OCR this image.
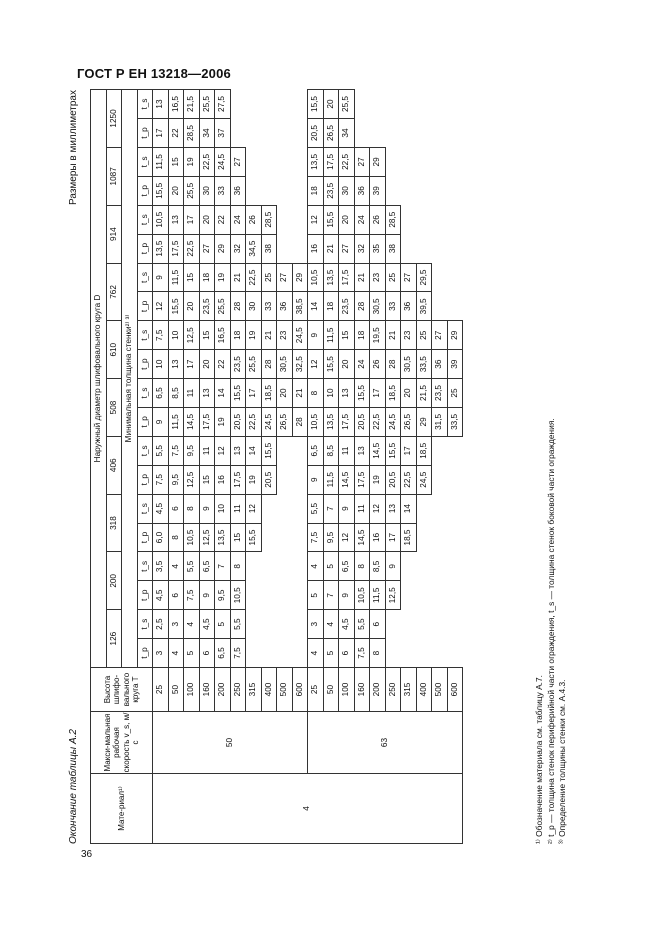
ГОСТ Р ЕН 13218—2006
Окончание таблицы А.2
Размеры в миллиметрах
Мате-риал¹⁾	Макси-мальная рабочая скорость v_s, м/с	Высота шлифо-вального круга T	Наружный диаметр шлифовального круга D																			
			126		200		318		406		508		610		762		914		1087		1250	
			Минимальная толщина стенки²⁾ ³⁾																			
			t_p	t_s	t_p	t_s	t_p	t_s	t_p	t_s	t_p	t_s	t_p	t_s	t_p	t_s	t_p	t_s	t_p	t_s	t_p	t_s
4	50	25	3	2,5	4,5	3,5	6,0	4,5	7,5	5,5	9	6,5	10	7,5	12	9	13,5	10,5	15,5	11,5	17	13
		50	4	3	6	4	8	6	9,5	7,5	11,5	8,5	13	10	15,5	11,5	17,5	13	20	15	22	16,5
		100	5	4	7,5	5,5	10,5	8	12,5	9,5	14,5	11	17	12,5	20	15	22,5	17	25,5	19	28,5	21,5
		160	6	4,5	9	6,5	12,5	9	15	11	17,5	13	20	15	23,5	18	27	20	30	22,5	34	25,5
		200	6,5	5	9,5	7	13,5	10	16	12	19	14	22	16,5	25,5	19	29	22	33	24,5	37	27,5
		250	7,5	5,5	10,5	8	15	11	17,5	13	20,5	15,5	23,5	18	28	21	32	24	36	27		
		315					15,5	12	19	14	22,5	17	25,5	19	30	22,5	34,5	26				
		400							20,5	15,5	24,5	18,5	28	21	33	25	38	28,5				
		500									26,5	20	30,5	23	36	27						
		600									28	21	32,5	24,5	38,5	29						
	63	25	4	3	5	4	7,5	5,5	9	6,5	10,5	8	12	9	14	10,5	16	12	18	13,5	20,5	15,5
		50	5	4	7	5	9,5	7	11,5	8,5	13,5	10	15,5	11,5	18	13,5	21	15,5	23,5	17,5	26,5	20
		100	6	4,5	9	6,5	12	9	14,5	11	17,5	13	20	15	23,5	17,5	27	20	30	22,5	34	25,5
		160	7,5	5,5	10,5	8	14,5	11	17,5	13	20,5	15,5	24	18	28	21	32	24	36	27		
		200	8	6	11,5	8,5	16	12	19	14,5	22,5	17	26	19,5	30,5	23	35	26	39	29		
		250			12,5	9	17	13	20,5	15,5	24,5	18,5	28	21	33	25	38	28,5				
		315					18,5	14	22,5	17	26,5	20	30,5	23	36	27						
		400							24,5	18,5	29	21,5	33,5	25	39,5	29,5						
		500									31,5	23,5	36	27								
		600									33,5	25	39	29								
¹⁾ Обозначение материала см. таблицу А.7. ²⁾ t_p — толщина стенок периферийной части ограждения, t_s — толщина стенок боковой части ограждения. ³⁾ Определение толщины стенки см. А.4.3.
36
